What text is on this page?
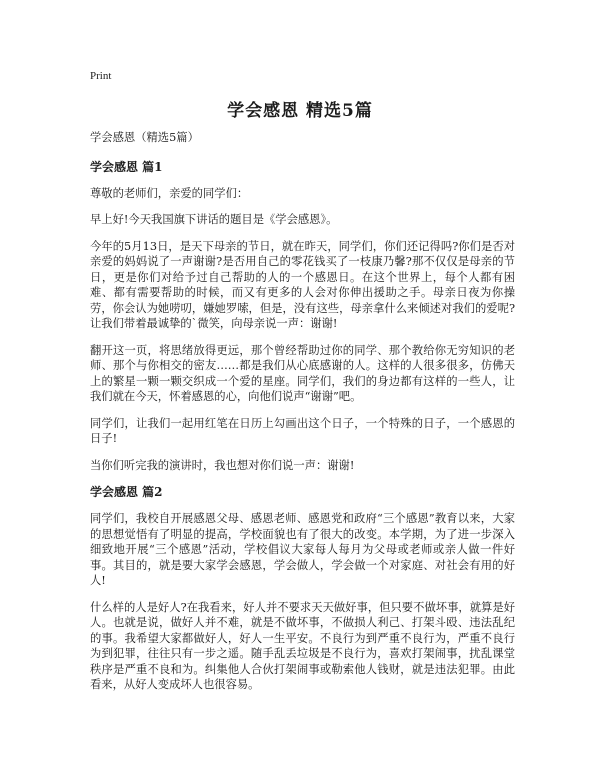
Print

学会感恩 精选5篇

学会感恩（精选5篇）

学会感恩 篇1

尊敬的老师们，亲爱的同学们：

早上好!今天我国旗下讲话的题目是《学会感恩》。

今年的5月13日，是天下母亲的节日，就在昨天，同学们，你们还记得吗?你们是否对亲爱的妈妈说了一声谢谢?是否用自己的零花钱买了一枝康乃馨?那不仅仅是母亲的节日，更是你们对给予过自己帮助的人的一个感恩日。在这个世界上，每个人都有困难、都有需要帮助的时候，而又有更多的人会对你伸出援助之手。母亲日夜为你操劳，你会认为她唠叨，嫌她罗嗦，但是，没有这些，母亲拿什么来倾述对我们的爱呢?让我们带着最诚挚的`微笑，向母亲说一声：谢谢!

翻开这一页，将思绪放得更远，那个曾经帮助过你的同学、那个教给你无穷知识的老师、那个与你相交的密友……都是我们从心底感谢的人。这样的人很多很多，仿佛天上的繁星一颗一颗交织成一个爱的星座。同学们，我们的身边都有这样的一些人，让我们就在今天，怀着感恩的心，向他们说声“谢谢”吧。

同学们，让我们一起用红笔在日历上勾画出这个日子，一个特殊的日子，一个感恩的日子!

当你们听完我的演讲时，我也想对你们说一声：谢谢!

学会感恩 篇2

同学们，我校自开展感恩父母、感恩老师、感恩党和政府“三个感恩”教育以来，大家的思想觉悟有了明显的提高，学校面貌也有了很大的改变。本学期，为了进一步深入细致地开展“三个感恩”活动，学校倡议大家每人每月为父母或老师或亲人做一件好事。其目的，就是要大家学会感恩，学会做人，学会做一个对家庭、对社会有用的好人!

什么样的人是好人?在我看来，好人并不要求天天做好事，但只要不做坏事，就算是好人。也就是说，做好人并不难，就是不做坏事，不做损人利己、打架斗殴、违法乱纪的事。我希望大家都做好人，好人一生平安。不良行为到严重不良行为，严重不良行为到犯罪，往往只有一步之遥。随手乱丢垃圾是不良行为，喜欢打架闹事，扰乱课堂秩序是严重不良和为。纠集他人合伙打架闹事或勒索他人钱财，就是违法犯罪。由此看来，从好人变成坏人也很容易。
